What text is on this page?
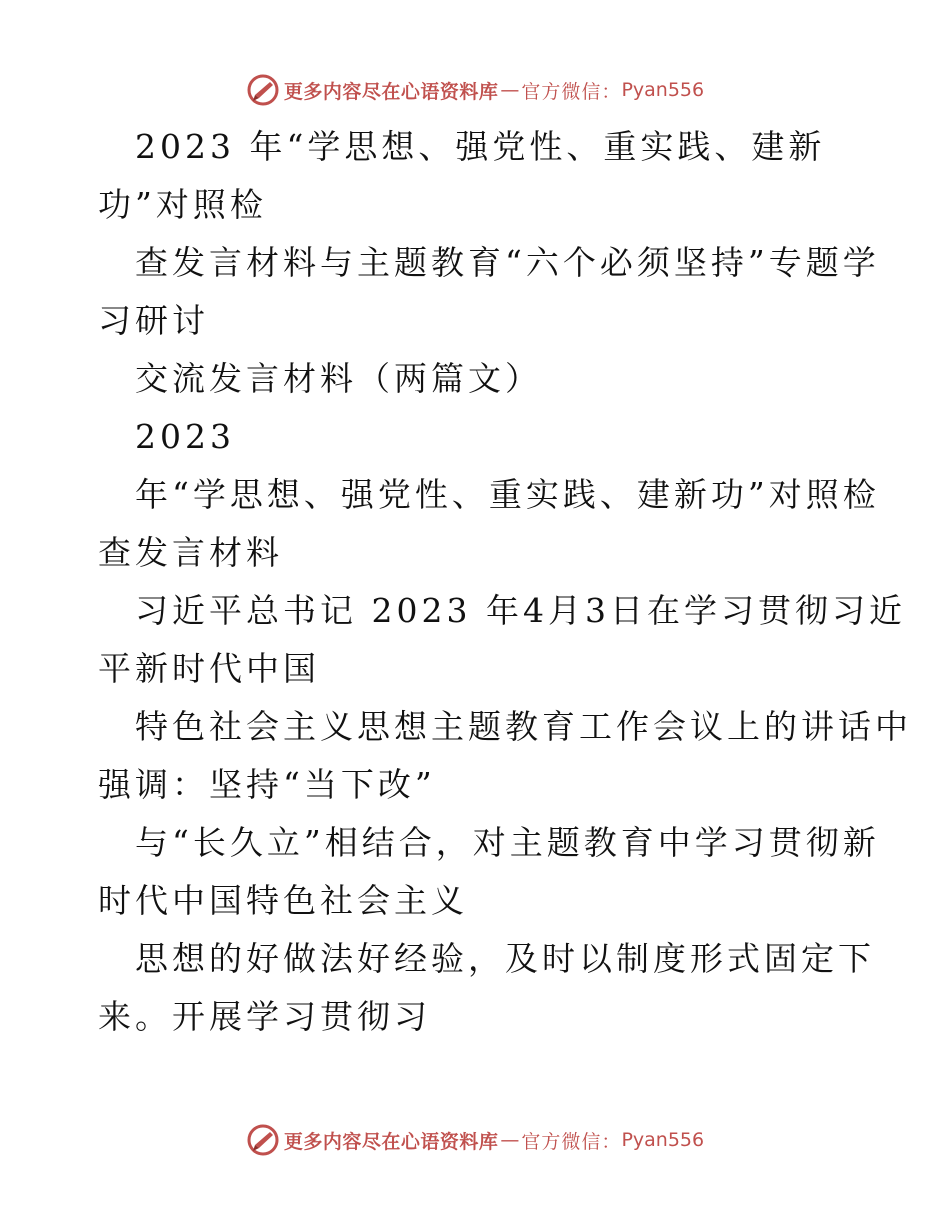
更多内容尽在心语资料库 — 官方微信： Pyan556
2023 年“学思想、强党性、重实践、建新
功”对照检
查发言材料与主题教育“六个必须坚持”专题学
习研讨
交流发言材料（两篇文）
2023
年“学思想、强党性、重实践、建新功”对照检
查发言材料
习近平总书记 2023 年4月3日在学习贯彻习近
平新时代中国
特色社会主义思想主题教育工作会议上的讲话中
强调：坚持“当下改”
与“长久立”相结合，对主题教育中学习贯彻新
时代中国特色社会主义
思想的好做法好经验，及时以制度形式固定下
来。开展学习贯彻习
更多内容尽在心语资料库 — 官方微信： Pyan556
